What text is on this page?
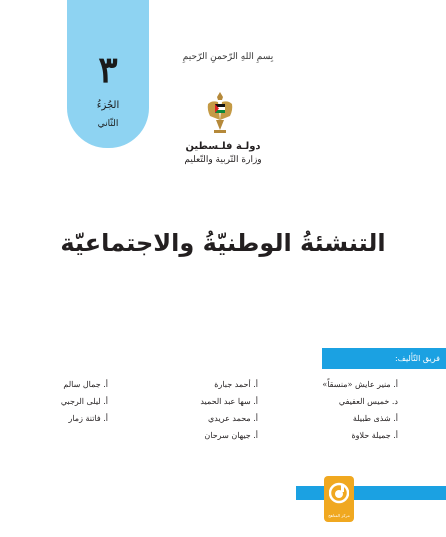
٣
الجُزءُ
الثّاني
بِسمِ اللهِ الرّحمنِ الرّحيمِ
دولـة فلـسطين
وزارة التّربية والتّعليم
التنشئةُ الوطنيّةُ والاجتماعيّة
فريق التّأليف:
أ. منير عايش «منسقاً»
د. خميس العفيفي
أ. شذى طبيلة
أ. جميلة حلاوة
أ. أحمد جبارة
أ. سها عبد الحميد
أ. محمد عريدي
أ. جيهان سرحان
أ. جمال سالم
أ. ليلى الرجبي
أ. فاتنة زمار
مركز المناهج
